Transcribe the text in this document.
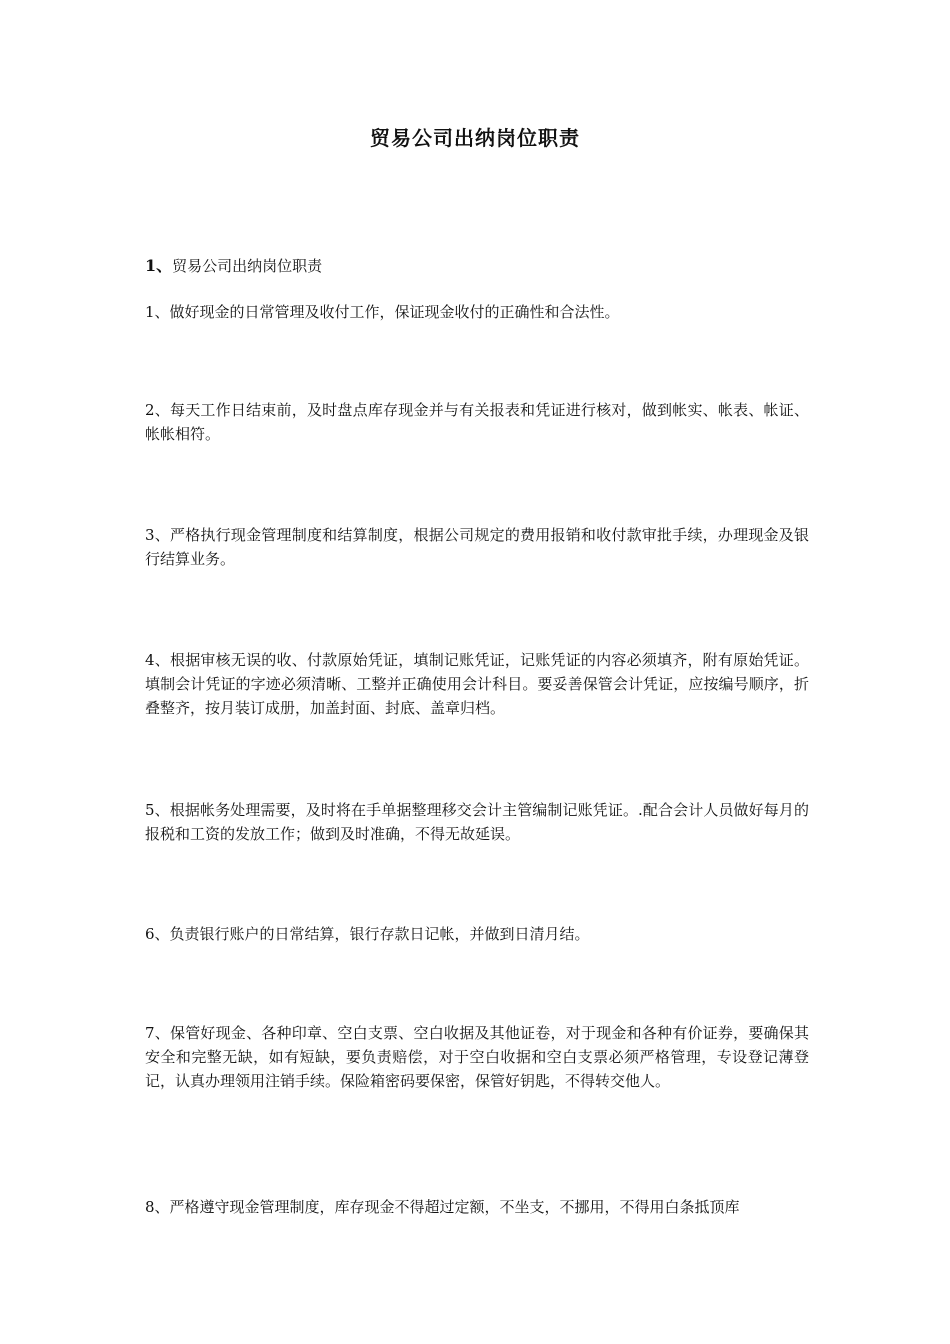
贸易公司出纳岗位职责
1、贸易公司出纳岗位职责
1、做好现金的日常管理及收付工作，保证现金收付的正确性和合法性。
2、每天工作日结束前，及时盘点库存现金并与有关报表和凭证进行核对，做到帐实、帐表、帐证、帐帐相符。
3、严格执行现金管理制度和结算制度，根据公司规定的费用报销和收付款审批手续，办理现金及银行结算业务。
4、根据审核无误的收、付款原始凭证，填制记账凭证，记账凭证的内容必须填齐，附有原始凭证。填制会计凭证的字迹必须清晰、工整并正确使用会计科目。要妥善保管会计凭证，应按编号顺序，折叠整齐，按月装订成册，加盖封面、封底、盖章归档。
5、根据帐务处理需要，及时将在手单据整理移交会计主管编制记账凭证。.配合会计人员做好每月的报税和工资的发放工作；做到及时准确，不得无故延误。
6、负责银行账户的日常结算，银行存款日记帐，并做到日清月结。
7、保管好现金、各种印章、空白支票、空白收据及其他证卷，对于现金和各种有价证券，要确保其安全和完整无缺，如有短缺，要负责赔偿，对于空白收据和空白支票必须严格管理，专设登记薄登记，认真办理领用注销手续。保险箱密码要保密，保管好钥匙，不得转交他人。
8、严格遵守现金管理制度，库存现金不得超过定额，不坐支，不挪用，不得用白条抵顶库
